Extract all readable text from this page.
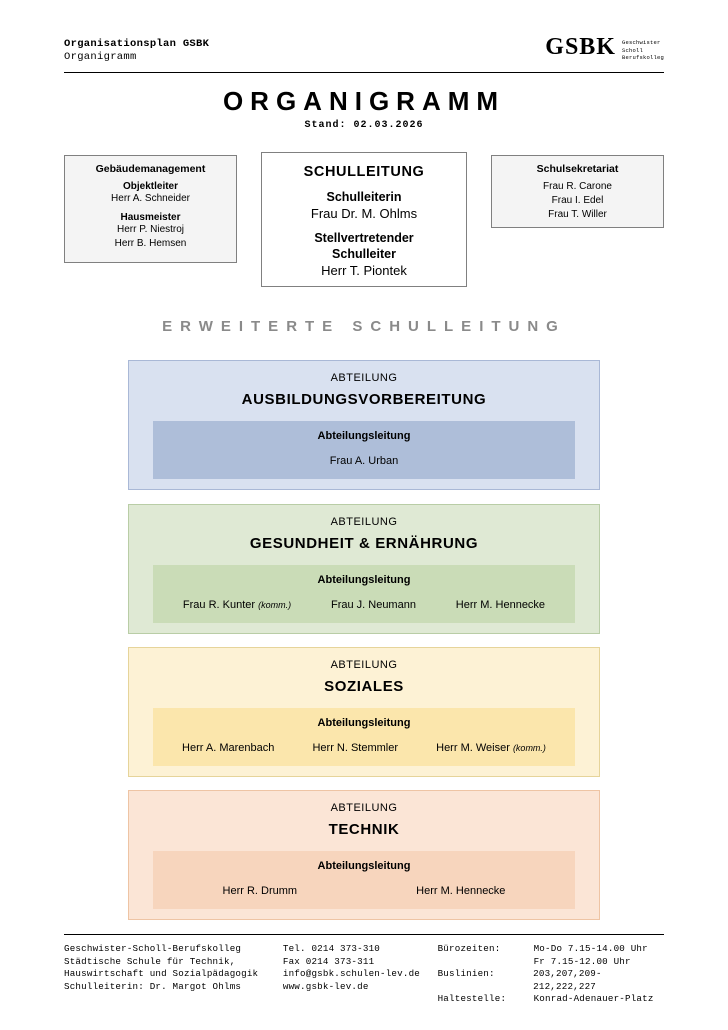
Organisationsplan GSBK
Organigramm	GSBK Geschwister
Scholl
Berufskolleg
ORGANIGRAMM
Stand: 02.03.2026
Gebäudemanagement
Objektleiter
Herr A. Schneider
Hausmeister
Herr P. Niestroj
Herr B. Hemsen
SCHULLEITUNG
Schulleiterin
Frau Dr. M. Ohlms
Stellvertretender
Schulleiter
Herr T. Piontek
Schulsekretariat
Frau R. Carone
Frau I. Edel
Frau T. Willer
ERWEITERTE SCHULLEITUNG
ABTEILUNG
AUSBILDUNGSVORBEREITUNG
Abteilungsleitung
Frau A. Urban
ABTEILUNG
GESUNDHEIT & ERNÄHRUNG
Abteilungsleitung
Frau R. Kunter (komm.)	Frau J. Neumann	Herr M. Hennecke
ABTEILUNG
SOZIALES
Abteilungsleitung
Herr A. Marenbach	Herr N. Stemmler	Herr M. Weiser (komm.)
ABTEILUNG
TECHNIK
Abteilungsleitung
Herr R. Drumm	Herr M. Hennecke
Geschwister-Scholl-Berufskolleg
Städtische Schule für Technik,
Hauswirtschaft und Sozialpädagogik
Schulleiterin: Dr. Margot Ohlms
Tel. 0214 373-310
Fax 0214 373-311
info@gsbk.schulen-lev.de
www.gsbk-lev.de
Bürozeiten:	Mo-Do 7.15-14.00 Uhr
Fr 7.15-12.00 Uhr
Buslinien:	203,207,209-212,222,227
Haltestelle:	Konrad-Adenauer-Platz
